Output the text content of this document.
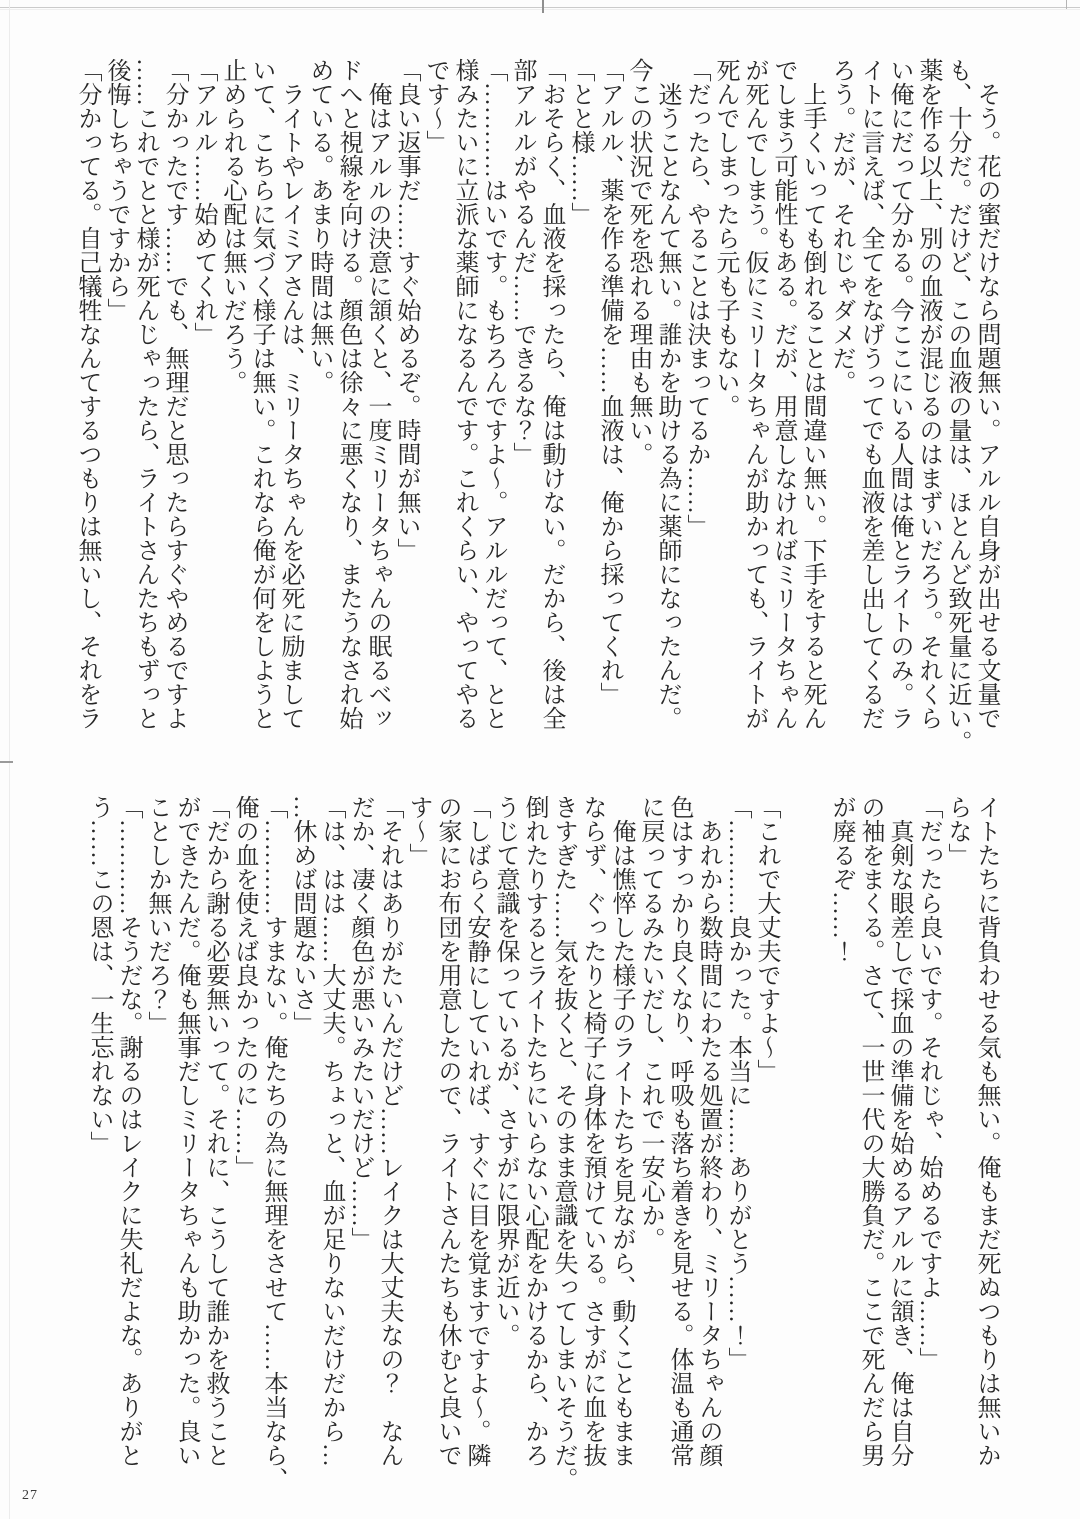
　そう。花の蜜だけなら問題無い。アルル自身が出せる文量で

も、十分だ。だけど、この血液の量は、ほとんど致死量に近い。

薬を作る以上、別の血液が混じるのはまずいだろう。それくら

い俺にだって分かる。今ここにいる人間は俺とライトのみ。ラ

イトに言えば、全てをなげうってでも血液を差し出してくるだ

ろう。だが、それじゃダメだ。

　上手くいっても倒れることは間違い無い。下手をすると死ん

でしまう可能性もある。だが、用意しなければミリータちゃん

が死んでしまう。仮にミリータちゃんが助かっても、ライトが

死んでしまったら元も子もない。

「だったら、やることは決まってるか……」

　迷うことなんて無い。誰かを助ける為に薬師になったんだ。

今この状況で死を恐れる理由も無い。

「アルル、薬を作る準備を……血液は、俺から採ってくれ」

「とと様……」

「おそらく、血液を採ったら、俺は動けない。だから、後は全

部アルルがやるんだ……できるな？」

「…………はいです。もちろんですよ〜。アルルだって、とと

様みたいに立派な薬師になるんです。これくらい、やってやる

です〜」

「良い返事だ……すぐ始めるぞ。時間が無い」

　俺はアルルの決意に頷くと、一度ミリータちゃんの眠るベッ

ドへと視線を向ける。顔色は徐々に悪くなり、またうなされ始

めている。あまり時間は無い。

　ライトやレイミアさんは、ミリータちゃんを必死に励まして

いて、こちらに気づく様子は無い。これなら俺が何をしようと

止められる心配は無いだろう。

「アルル……始めてくれ」

「分かったです……でも、無理だと思ったらすぐやめるですよ

……これでとと様が死んじゃったら、ライトさんたちもずっと

後悔しちゃうですから」

「分かってる。自己犠牲なんてするつもりは無いし、それをラ

イトたちに背負わせる気も無い。俺もまだ死ぬつもりは無いか

らな」

「だったら良いです。それじゃ、始めるですよ……」

　真剣な眼差しで採血の準備を始めるアルルに頷き、俺は自分

の袖をまくる。さて、一世一代の大勝負だ。ここで死んだら男

が廃るぞ……！

「これで大丈夫ですよ〜」

「…………良かった。本当に……ありがとう……！」

　あれから数時間にわたる処置が終わり、ミリータちゃんの顔

色はすっかり良くなり、呼吸も落ち着きを見せる。体温も通常

に戻ってるみたいだし、これで一安心か。

　俺は憔悴した様子のライトたちを見ながら、動くこともまま

ならず、ぐったりと椅子に身体を預けている。さすがに血を抜

きすぎた……気を抜くと、そのまま意識を失ってしまいそうだ。

倒れたりするとライトたちにいらない心配をかけるから、かろ

うじて意識を保っているが、さすがに限界が近い。

「しばらく安静にしていれば、すぐに目を覚ますですよ〜。隣

の家にお布団を用意したので、ライトさんたちも休むと良いで

す〜」

「それはありがたいんだけど……レイクは大丈夫なの？　なん

だか、凄く顔色が悪いみたいだけど……」

「は、はは……大丈夫。ちょっと、血が足りないだけだから…

…休めば問題ないさ」

「…………すまない。俺たちの為に無理をさせて……本当なら、

俺の血を使えば良かったのに……」

「だから謝る必要無いって。それに、こうして誰かを救うこと

ができたんだ。俺も無事だしミリータちゃんも助かった。良い

ことしか無いだろ？」

「…………そうだな。謝るのはレイクに失礼だよな。ありがと

う……この恩は、一生忘れない」

27
